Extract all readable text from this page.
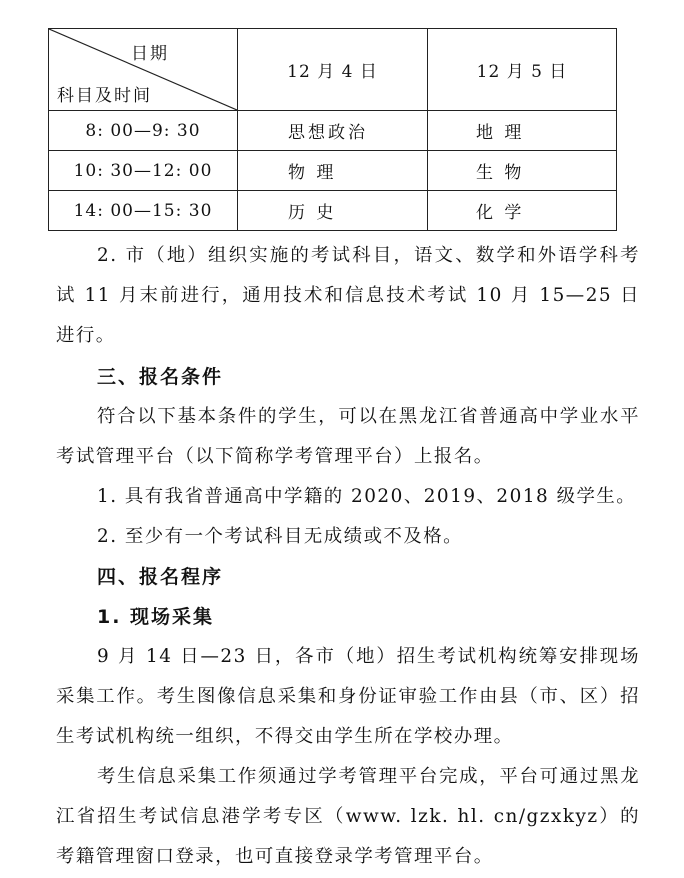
日期
科目及时间	12 月 4 日	12 月 5 日
8: 00—9: 30	思想政治	地 理
10: 30—12: 00	物 理	生 物
14: 00—15: 30	历 史	化 学

2. 市（地）组织实施的考试科目，语文、数学和外语学科考试 11 月末前进行，通用技术和信息技术考试 10 月 15—25 日进行。

三、报名条件

符合以下基本条件的学生，可以在黑龙江省普通高中学业水平考试管理平台（以下简称学考管理平台）上报名。

1. 具有我省普通高中学籍的 2020、2019、2018 级学生。

2. 至少有一个考试科目无成绩或不及格。

四、报名程序

1. 现场采集

9 月 14 日—23 日，各市（地）招生考试机构统筹安排现场采集工作。考生图像信息采集和身份证审验工作由县（市、区）招生考试机构统一组织，不得交由学生所在学校办理。

考生信息采集工作须通过学考管理平台完成，平台可通过黑龙江省招生考试信息港学考专区（www. lzk. hl. cn/gzxkyz）的考籍管理窗口登录，也可直接登录学考管理平台。
